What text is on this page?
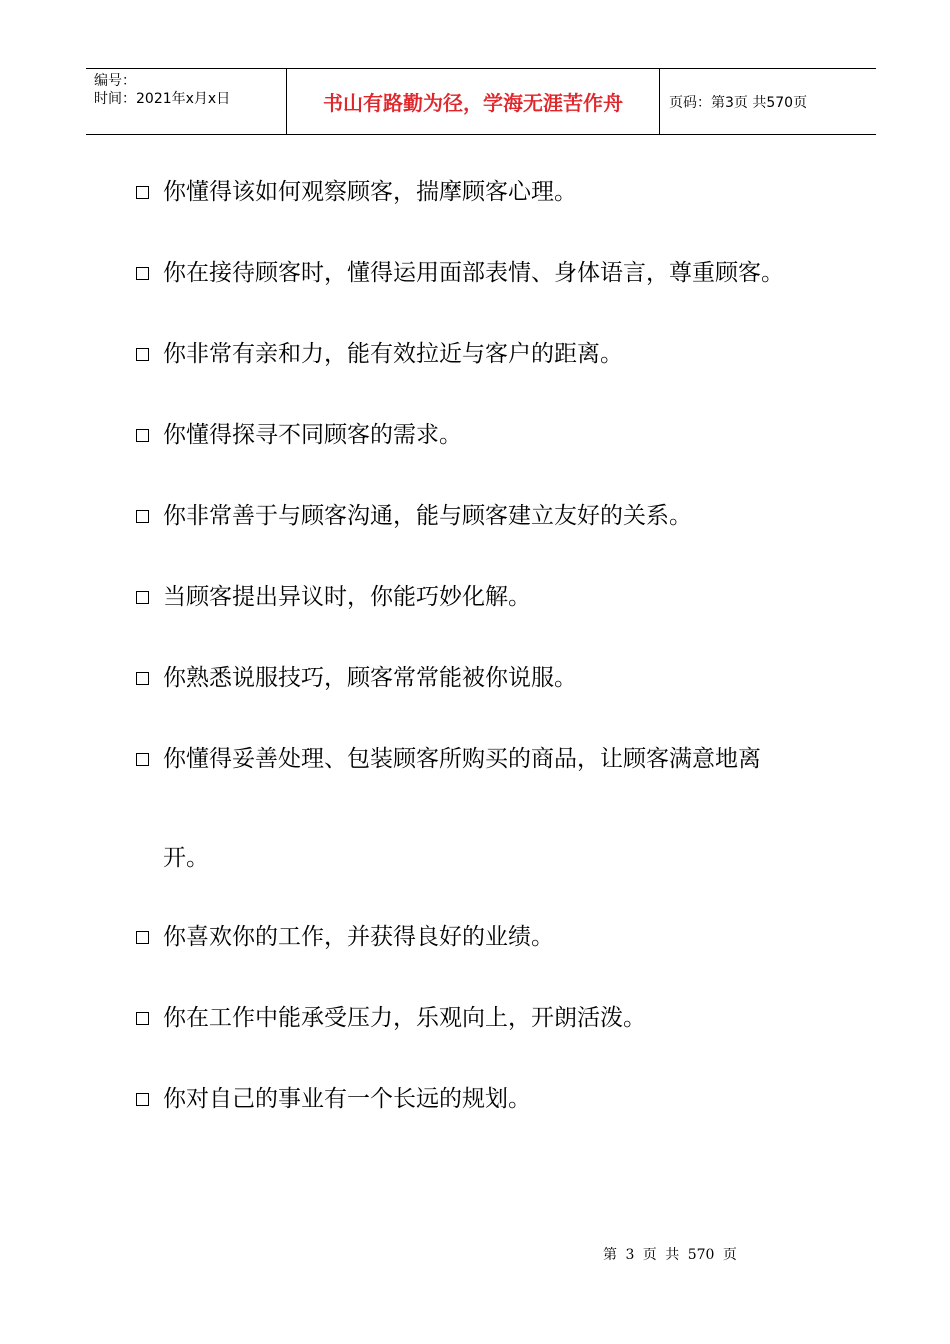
编号：
时间：2021年x月x日	书山有路勤为径，学海无涯苦作舟	页码：第3页 共570页
你懂得该如何观察顾客，揣摩顾客心理。
你在接待顾客时，懂得运用面部表情、身体语言，尊重顾客。
你非常有亲和力，能有效拉近与客户的距离。
你懂得探寻不同顾客的需求。
你非常善于与顾客沟通，能与顾客建立友好的关系。
当顾客提出异议时，你能巧妙化解。
你熟悉说服技巧，顾客常常能被你说服。
你懂得妥善处理、包装顾客所购买的商品，让顾客满意地离
开。
你喜欢你的工作，并获得良好的业绩。
你在工作中能承受压力，乐观向上，开朗活泼。
你对自己的事业有一个长远的规划。
第 3 页 共 570 页
